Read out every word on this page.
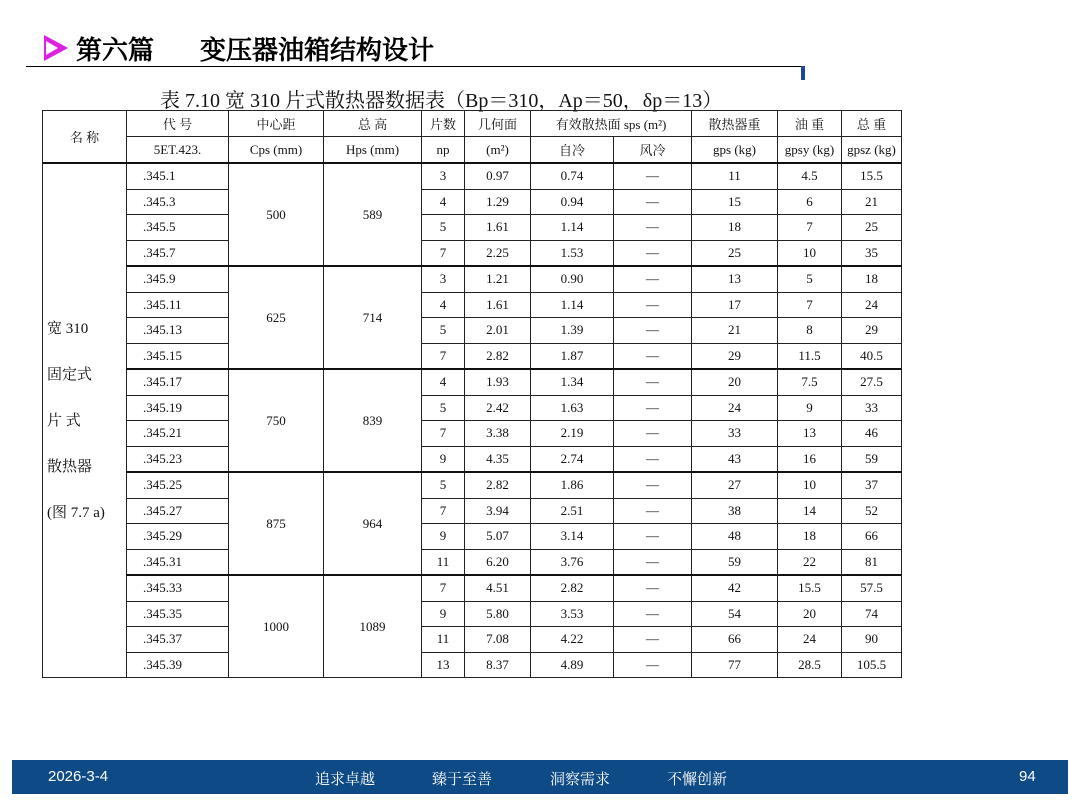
第六篇 变压器油箱结构设计
表 7.10 宽 310 片式散热器数据表（Bp＝310，Ap＝50，δp＝13）
名 称	代 号	中心距	总 高	片数	几何面	有效散热面 sps (m²)		散热器重	油 重	总 重
	5ET.423.	Cps (mm)	Hps (mm)	np	(m²)	自冷	风冷	gps (kg)	gpsy (kg)	gpsz (kg)

宽 310
固定式
片 式
散热器
(图 7.7 a)	.345.1	500	589	3	0.97	0.74	—	11	4.5	15.5
	.345.3			4	1.29	0.94	—	15	6	21
	.345.5			5	1.61	1.14	—	18	7	25
	.345.7			7	2.25	1.53	—	25	10	35
	.345.9	625	714	3	1.21	0.90	—	13	5	18
	.345.11			4	1.61	1.14	—	17	7	24
	.345.13			5	2.01	1.39	—	21	8	29
	.345.15			7	2.82	1.87	—	29	11.5	40.5
	.345.17	750	839	4	1.93	1.34	—	20	7.5	27.5
	.345.19			5	2.42	1.63	—	24	9	33
	.345.21			7	3.38	2.19	—	33	13	46
	.345.23			9	4.35	2.74	—	43	16	59
	.345.25	875	964	5	2.82	1.86	—	27	10	37
	.345.27			7	3.94	2.51	—	38	14	52
	.345.29			9	5.07	3.14	—	48	18	66
	.345.31			11	6.20	3.76	—	59	22	81
	.345.33	1000	1089	7	4.51	2.82	—	42	15.5	57.5
	.345.35			9	5.80	3.53	—	54	20	74
	.345.37			11	7.08	4.22	—	66	24	90
	.345.39			13	8.37	4.89	—	77	28.5	105.5
2026-3-4	追求卓越	臻于至善	洞察需求	不懈创新	94
